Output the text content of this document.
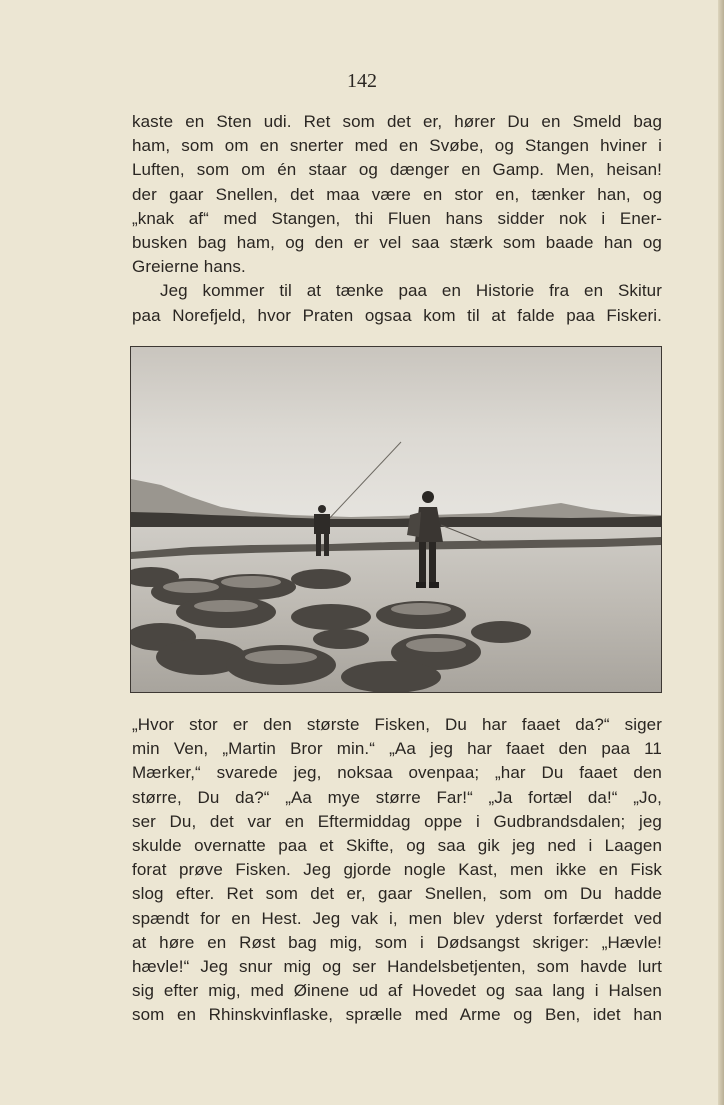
142
kaste en Sten udi. Ret som det er, hører Du en Smeld bag
ham, som om en snerter med en Svøbe, og Stangen hviner i
Luften, som om én staar og dænger en Gamp. Men, heisan!
der gaar Snellen, det maa være en stor en, tænker han, og
„knak af“ med Stangen, thi Fluen hans sidder nok i Ener-
busken bag ham, og den er vel saa stærk som baade han og
Greierne hans.
Jeg kommer til at tænke paa en Historie fra en Skitur
paa Norefjeld, hvor Praten ogsaa kom til at falde paa Fiskeri.
„Hvor stor er den største Fisken, Du har faaet da?“ siger
min Ven, „Martin Bror min.“ „Aa jeg har faaet den paa 11
Mærker,“ svarede jeg, noksaa ovenpaa; „har Du faaet den
større, Du da?“ „Aa mye større Far!“ „Ja fortæl da!“ „Jo,
ser Du, det var en Eftermiddag oppe i Gudbrandsdalen; jeg
skulde overnatte paa et Skifte, og saa gik jeg ned i Laagen
forat prøve Fisken. Jeg gjorde nogle Kast, men ikke en Fisk
slog efter. Ret som det er, gaar Snellen, som om Du hadde
spændt for en Hest. Jeg vak i, men blev yderst forfærdet ved
at høre en Røst bag mig, som i Dødsangst skriger: „Hævle!
hævle!“ Jeg snur mig og ser Handelsbetjenten, som havde lurt
sig efter mig, med Øinene ud af Hovedet og saa lang i Halsen
som en Rhinskvinflaske, sprælle med Arme og Ben, idet han
